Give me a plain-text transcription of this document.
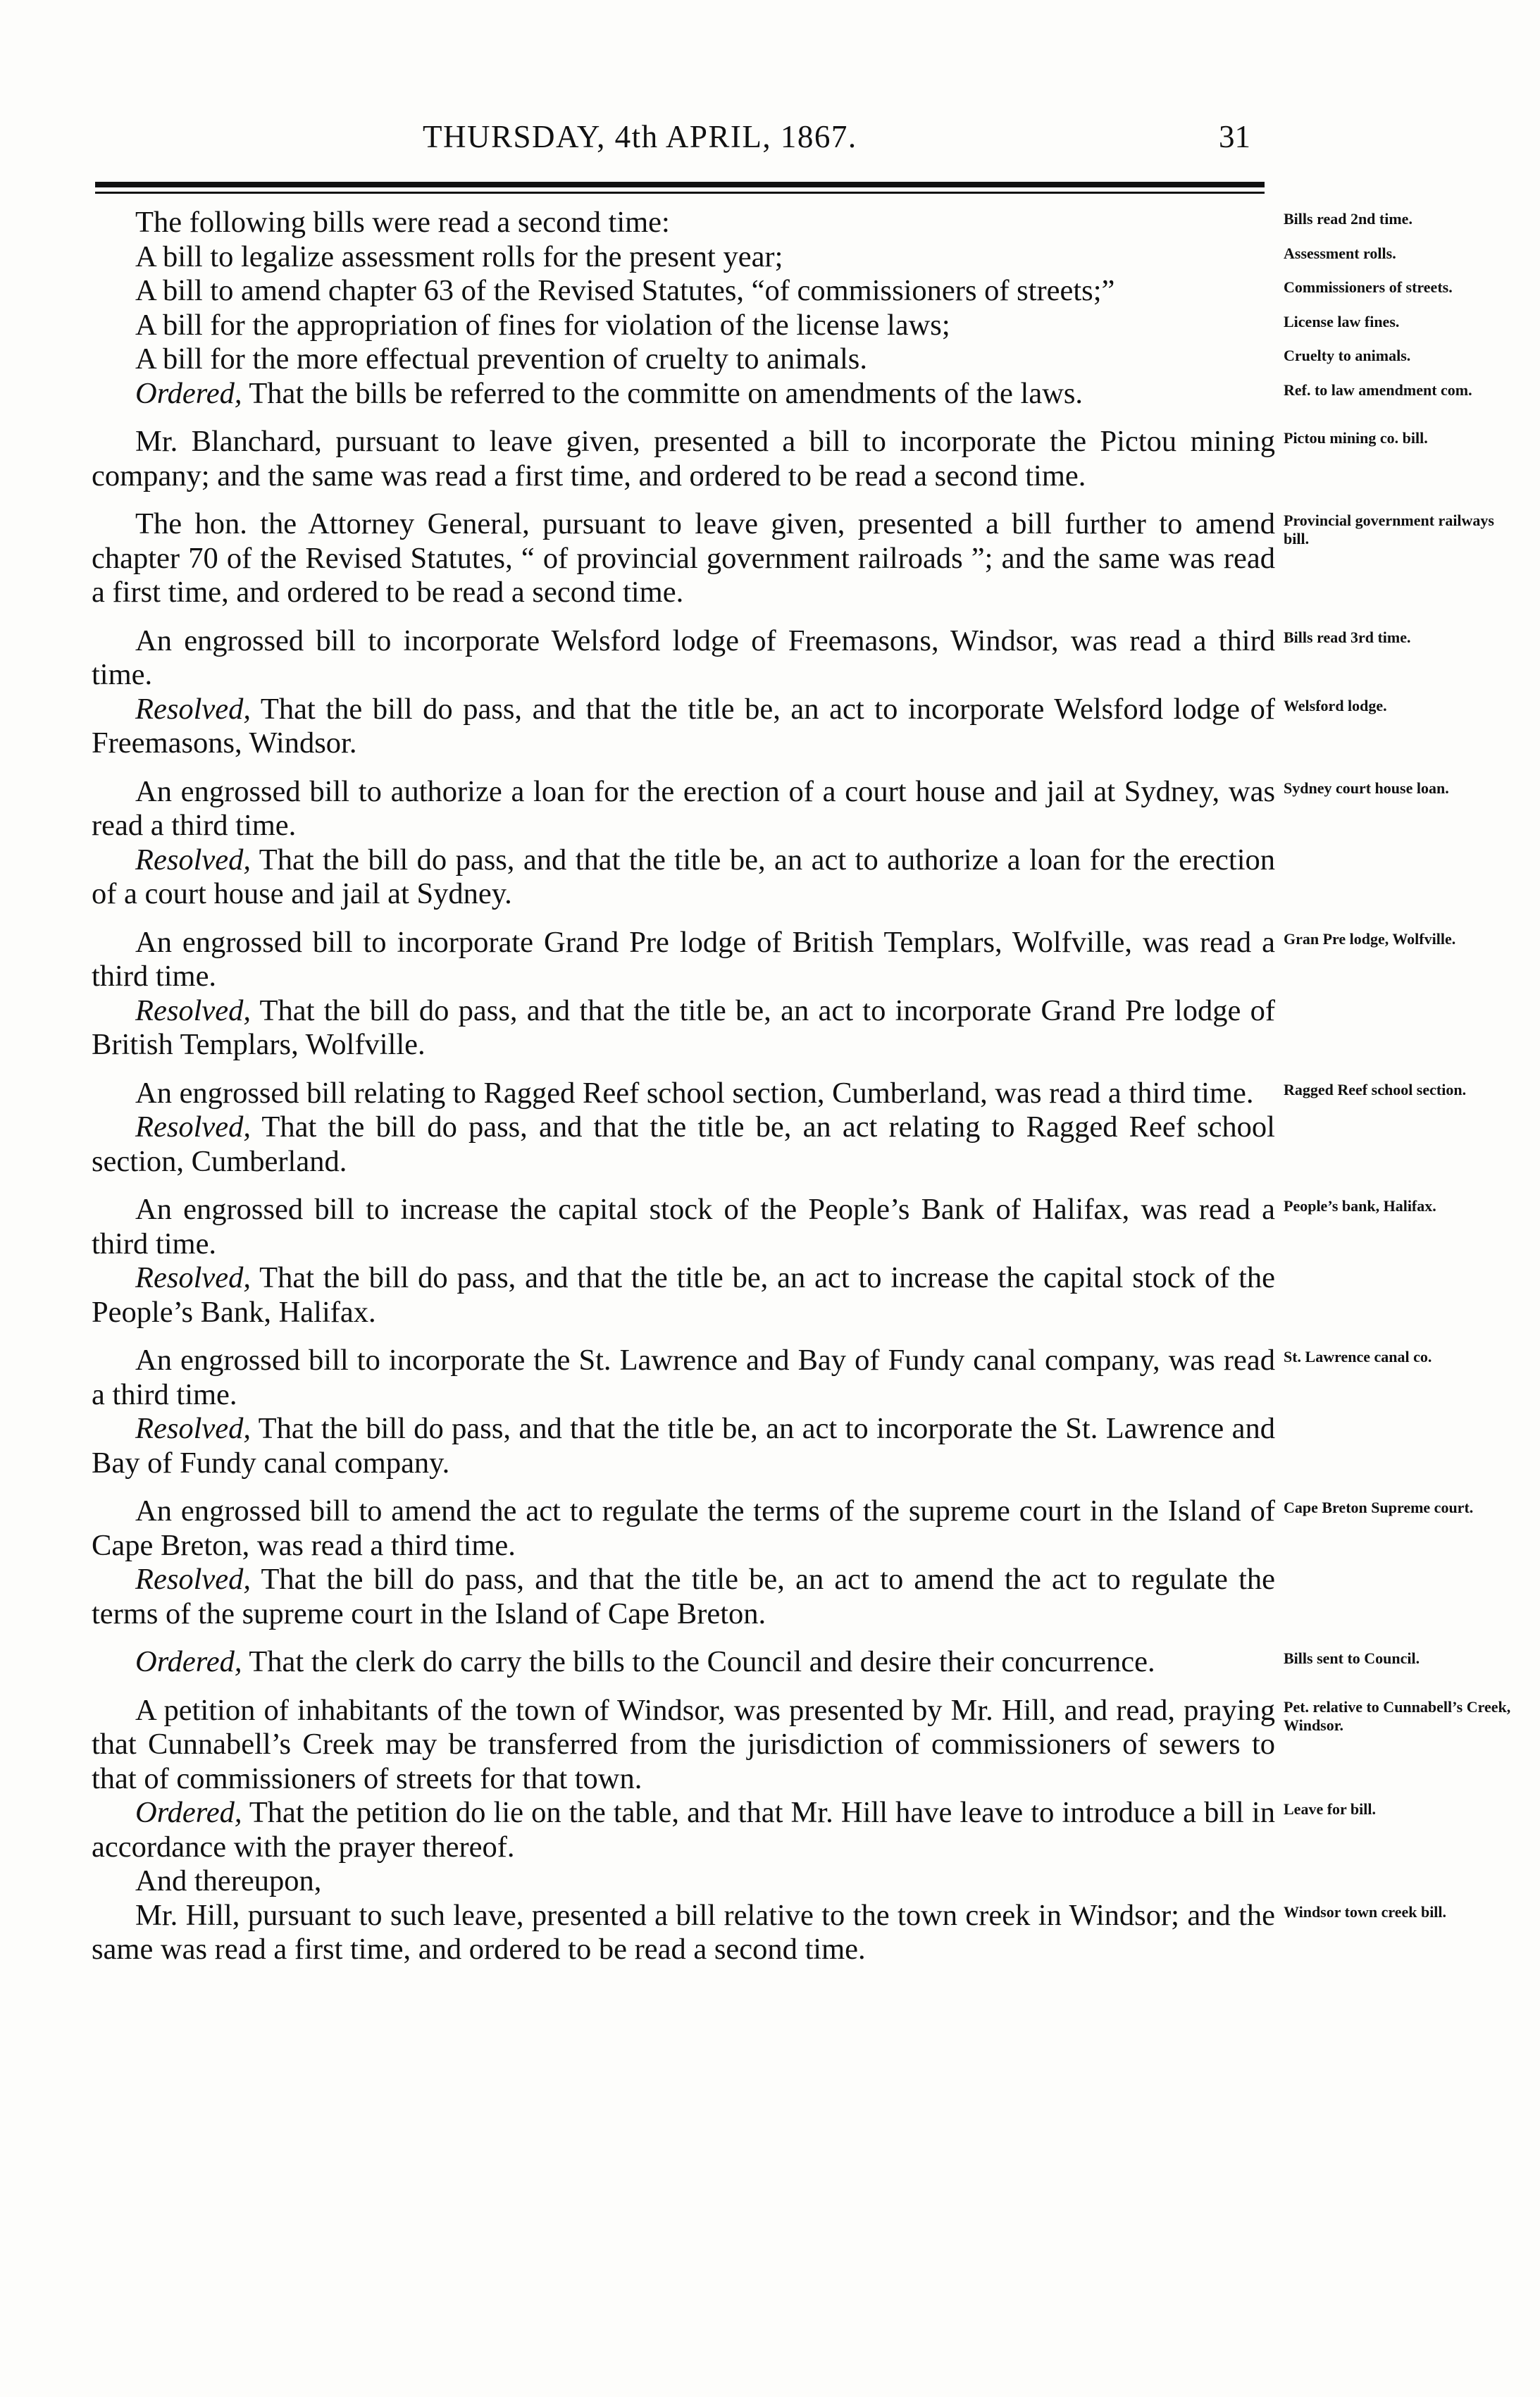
THURSDAY, 4th APRIL, 1867.	31
The following bills were read a second time:	Bills read 2nd time.
A bill to legalize assessment rolls for the present year;	Assessment rolls.
A bill to amend chapter 63 of the Revised Statutes, “of commissioners of streets;”	Commissioners of streets.
A bill for the appropriation of fines for violation of the license laws;	License law fines.
A bill for the more effectual prevention of cruelty to animals.	Cruelty to animals.
Ordered, That the bills be referred to the committe on amendments of the laws.	Ref. to law amendment com.
Mr. Blanchard, pursuant to leave given, presented a bill to incorporate the Pictou mining company; and the same was read a first time, and ordered to be read a second time.
Pictou mining co. bill.
The hon. the Attorney General, pursuant to leave given, presented a bill further to amend chapter 70 of the Revised Statutes, “ of provincial government railroads ”; and the same was read a first time, and ordered to be read a second time.
Provincial government railways bill.
An engrossed bill to incorporate Welsford lodge of Freemasons, Windsor, was read a third time.
Bills read 3rd time.
Resolved, That the bill do pass, and that the title be, an act to incorporate Welsford lodge of Freemasons, Windsor.
Welsford lodge.
An engrossed bill to authorize a loan for the erection of a court house and jail at Sydney, was read a third time.
Sydney court house loan.
Resolved, That the bill do pass, and that the title be, an act to authorize a loan for the erection of a court house and jail at Sydney.
An engrossed bill to incorporate Grand Pre lodge of British Templars, Wolfville, was read a third time.
Gran Pre lodge, Wolfville.
Resolved, That the bill do pass, and that the title be, an act to incorporate Grand Pre lodge of British Templars, Wolfville.
An engrossed bill relating to Ragged Reef school section, Cumberland, was read a third time.	Ragged Reef school section.
Resolved, That the bill do pass, and that the title be, an act relating to Ragged Reef school section, Cumberland.
An engrossed bill to increase the capital stock of the People’s Bank of Halifax, was read a third time.
People’s bank, Halifax.
Resolved, That the bill do pass, and that the title be, an act to increase the capital stock of the People’s Bank, Halifax.
An engrossed bill to incorporate the St. Lawrence and Bay of Fundy canal company, was read a third time.
St. Lawrence canal co.
Resolved, That the bill do pass, and that the title be, an act to incorporate the St. Lawrence and Bay of Fundy canal company.
An engrossed bill to amend the act to regulate the terms of the supreme court in the Island of Cape Breton, was read a third time.
Cape Breton Supreme court.
Resolved, That the bill do pass, and that the title be, an act to amend the act to regulate the terms of the supreme court in the Island of Cape Breton.
Ordered, That the clerk do carry the bills to the Council and desire their concurrence.	Bills sent to Council.
A petition of inhabitants of the town of Windsor, was presented by Mr. Hill, and read, praying that Cunnabell’s Creek may be transferred from the jurisdiction of commissioners of sewers to that of commissioners of streets for that town.
Pet. relative to Cunnabell’s Creek, Windsor.
Ordered, That the petition do lie on the table, and that Mr. Hill have leave to introduce a bill in accordance with the prayer thereof.
Leave for bill.
And thereupon,
Mr. Hill, pursuant to such leave, presented a bill relative to the town creek in Windsor; and the same was read a first time, and ordered to be read a second time.
Windsor town creek bill.
